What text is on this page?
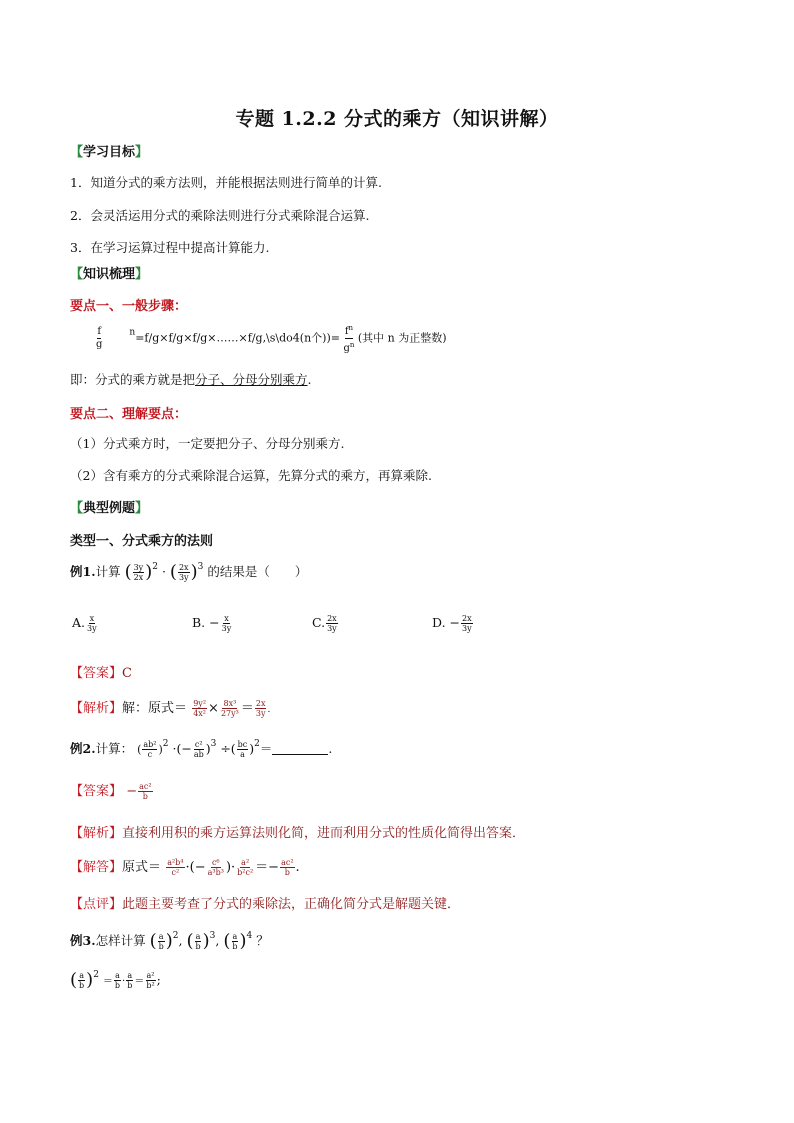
专题 1.2.2 分式的乘方（知识讲解）
【学习目标】
1．知道分式的乘方法则，并能根据法则进行简单的计算.
2．会灵活运用分式的乘除法则进行分式乘除混合运算.
3．在学习运算过程中提高计算能力.
【知识梳理】
要点一、一般步骤：
$\frac{f}{g}$	$^n$=f/g×f/g×f/g×……×f/g,\s\do4(n个))= $\frac{f^n}{g^n}$ (其中 n 为正整数)
即：分式的乘方就是把分子、分母分别乘方.
要点二、理解要点：
（1）分式乘方时，一定要把分子、分母分别乘方.
（2）含有乘方的分式乘除混合运算，先算分式的乘方，再算乘除.
【典型例题】
类型一、分式乘方的法则
例1.计算 ( $\frac{3y}{2x} )^2$ · ( $\frac{2x}{3y} )^3$ 的结果是（　　）
A. $\frac{x}{3y}$	B. − $\frac{x}{3y}$	C. $\frac{2x}{3y}$	D. − $\frac{2x}{3y}$
【答案】C
【解析】解：原式＝ $\frac{\text{9y²}}{\text{4x²}} \times \frac{\text{8x³}}{\text{27y³}} = \frac{2x}{3y}$ .
例2.计算： ( $\frac{\text{ab²}}{c} )^2$ ·(− $\frac{\text{c²}}{ab} )^3$ ÷( $\frac{bc}{a} )^2=$	.
【答案】 − $\frac{\text{ac²}}{b}$
【解析】直接利用积的乘方运算法则化简，进而利用分式的性质化简得出答案．
【解答】原式＝ $\frac{\text{a²b⁴}}{\text{c²}}$ ·(− $\frac{\text{c⁶}}{\text{a³b³}}$ )· $\frac{\text{a²}}{\text{b²c²}} =- \frac{\text{ac²}}{b}$ .
【点评】此题主要考查了分式的乘除法，正确化简分式是解题关键．
例3.怎样计算 ( $\frac{a}{b} )^2$, ( $\frac{a}{b} )^3$, ( $\frac{a}{b} )^4$ ？
( $\frac{a}{b} )^2 = \frac{a}{b} \cdot \frac{a}{b} = \frac{\text{a²}}{\text{b²}}$ ;
